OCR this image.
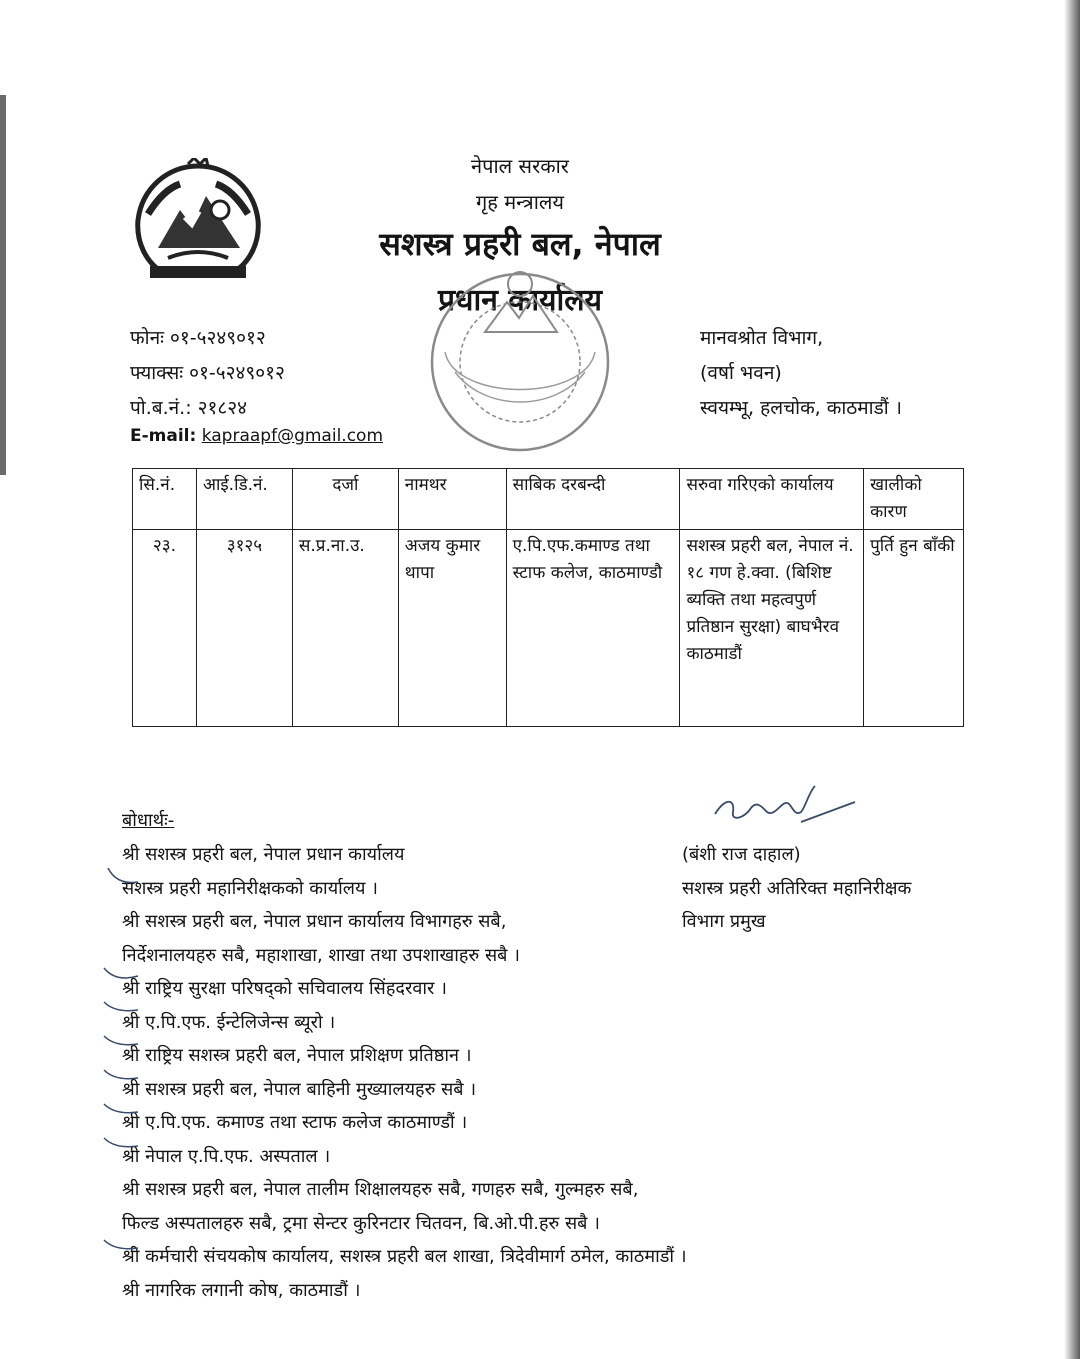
नेपाल सरकार
गृह मन्त्रालय
सशस्त्र प्रहरी बल, नेपाल
प्रधान कार्यालय
फोनः ०१-५२४९०१२
फ्याक्सः ०१-५२४९०१२
पो.ब.नं.: २१८२४
E-mail: kapraapf@gmail.com
मानवश्रोत विभाग,
(वर्षा भवन)
स्वयम्भू, हलचोक, काठमाडौं ।
सि.नं.	आई.डि.नं.	दर्जा	नामथर	साबिक दरबन्दी	सरुवा गरिएको कार्यालय	खालीको कारण
२३.	३१२५	स.प्र.ना.उ.	अजय कुमार थापा	ए.पि.एफ.कमाण्ड तथा स्टाफ कलेज, काठमाण्डौ	सशस्त्र प्रहरी बल, नेपाल नं. १८ गण हे.क्वा. (बिशिष्ट ब्यक्ति तथा महत्वपुर्ण प्रतिष्ठान सुरक्षा) बाघभैरव काठमाडौं	पुर्ति हुन बाँकी
बोधार्थः-
श्री सशस्त्र प्रहरी बल, नेपाल प्रधान कार्यालय
सशस्त्र प्रहरी महानिरीक्षकको कार्यालय ।
श्री सशस्त्र प्रहरी बल, नेपाल प्रधान कार्यालय विभागहरु सबै,
निर्देशनालयहरु सबै, महाशाखा, शाखा तथा उपशाखाहरु सबै ।
श्री राष्ट्रिय सुरक्षा परिषद्को सचिवालय सिंहदरवार ।
श्री ए.पि.एफ. ईन्टेलिजेन्स ब्यूरो ।
श्री राष्ट्रिय सशस्त्र प्रहरी बल, नेपाल प्रशिक्षण प्रतिष्ठान ।
श्री सशस्त्र प्रहरी बल, नेपाल बाहिनी मुख्यालयहरु सबै ।
श्री ए.पि.एफ. कमाण्ड तथा स्टाफ कलेज काठमाण्डौं ।
श्री नेपाल ए.पि.एफ. अस्पताल ।
श्री सशस्त्र प्रहरी बल, नेपाल तालीम शिक्षालयहरु सबै, गणहरु सबै, गुल्महरु सबै,
फिल्ड अस्पतालहरु सबै, ट्रमा सेन्टर कुरिनटार चितवन, बि.ओ.पी.हरु सबै ।
श्री कर्मचारी संचयकोष कार्यालय, सशस्त्र प्रहरी बल शाखा, त्रिदेवीमार्ग ठमेल, काठमाडौं ।
श्री नागरिक लगानी कोष, काठमाडौं ।
(बंशी राज दाहाल)
सशस्त्र प्रहरी अतिरिक्त महानिरीक्षक
विभाग प्रमुख
